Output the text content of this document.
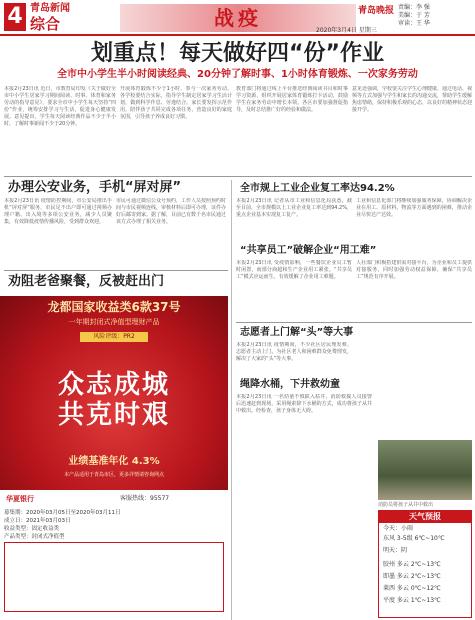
4 青岛新闻
综合	战疫	青岛晚报 责编：李 强
美编：于 芳
审读：王 华
2020年3月4日 星期三
划重点！每天做好四“份”作业
全市中小学生半小时阅读经典、20分钟了解时事、1小时体育锻炼、一次家务劳动
本报2月23日讯 近日，市教育局印发《关于做好全市中小学生居家学习期间阅读、时事、体育和家务劳动的指导意见》，要求全市中小学生每天坚持“四份”作业，统筹安排学习与生活，促进身心健康发展。意见提出，学生每天阅读经典作品不少于半小时，了解时事新闻不少于20分钟。
开展体育锻炼不少于1小时，参与一次家务劳动。各学校要结合实际，指导学生制定居家学习生活计划，做到科学作息、劳逸结合。家长要发挥示范作用，陪伴孩子共同完成各项任务，营造良好的家庭氛围，引导孩子养成良好习惯。
教育部门将通过线上平台推送经典阅读书目和时事学习资源，组织开展居家体育锻炼打卡活动，鼓励学生在家务劳动中增长本领。各区市要加强督促指导，及时总结推广好的经验和做法。
意见还强调，学校要关注学生心理健康，通过电话、视频等方式加强与学生和家长的沟通交流，帮助学生缓解焦虑情绪，保持积极乐观的心态，以良好的精神状态迎接开学。
办理公安业务，手机“屏对屏”
本报2月23日讯 疫情防控期间，市公安局推出手机“屏对屏”服务，市民足不出户即可通过视频办理户籍、出入境等多项公安业务，减少人员聚集，有效降低疫情传播风险，受到群众欢迎。
市民可通过微信公众号预约，工作人员按照预约时间与市民视频连线，审核材料后即可办理，证件办好后邮寄到家。据了解，目前已有数千名市民通过该方式办理了相关业务。
劝阻老爸聚餐，反被赶出门
全市规上工业企业复工率达94.2%
本报2月23日讯 记者从市工业和信息化局获悉，截至目前，全市规模以上工业企业复工率达到94.2%，重点企业基本实现复工复产。
工业和信息化部门将继续加强服务保障，协调解决企业在用工、原材料、物流等方面遇到的困难，推动企业尽快达产达效。
“共享员工”破解企业“用工难”
本报2月23日讯 受疫情影响，一些餐饮企业员工暂时闲置，而部分商超和生产企业用工紧张。“共享员工”模式应运而生，有效缓解了企业用工难题。
人社部门积极搭建供需对接平台，为企业和员工提供对接服务，同时加强劳动权益保障，确保“共享员工”规范有序开展。
志愿者上门解“头”等大事
本报2月23日讯 疫情期间，不少社区居民理发难。志愿者主动上门，为社区老人和困难群众免费理发，解决了大家的“头”等大事。
绳降水桶，下井救幼童
本报2月23日讯 一名幼童不慎跌入枯井，消防救援人员接警后迅速赶到现场，采用绳索降下水桶的方式，成功将孩子从井中救出。经检查，孩子身体无大碍。
龙都国家收益类6款37号
一年期封闭式净值型理财产品
风险评级：PR2
众志成城
共克时艰
业绩基准年化 4.3%
本产品适用于青岛市区，更多详情请咨询网点
华夏银行	客服热线：95577
募集期：2020年03月05日至2020年03月11日
成立日：2021年03月03日
收益类型：固定收益类
产品类型：封闭式净值型
消防员将孩子从井中救出
天气预报
今天：小雨
东风 3-5级 6℃~10℃
明天：阴
胶州 多云 2℃~13℃
即墨 多云 2℃~13℃
莱西 多云 0℃~12℃
平度 多云 1℃~13℃
